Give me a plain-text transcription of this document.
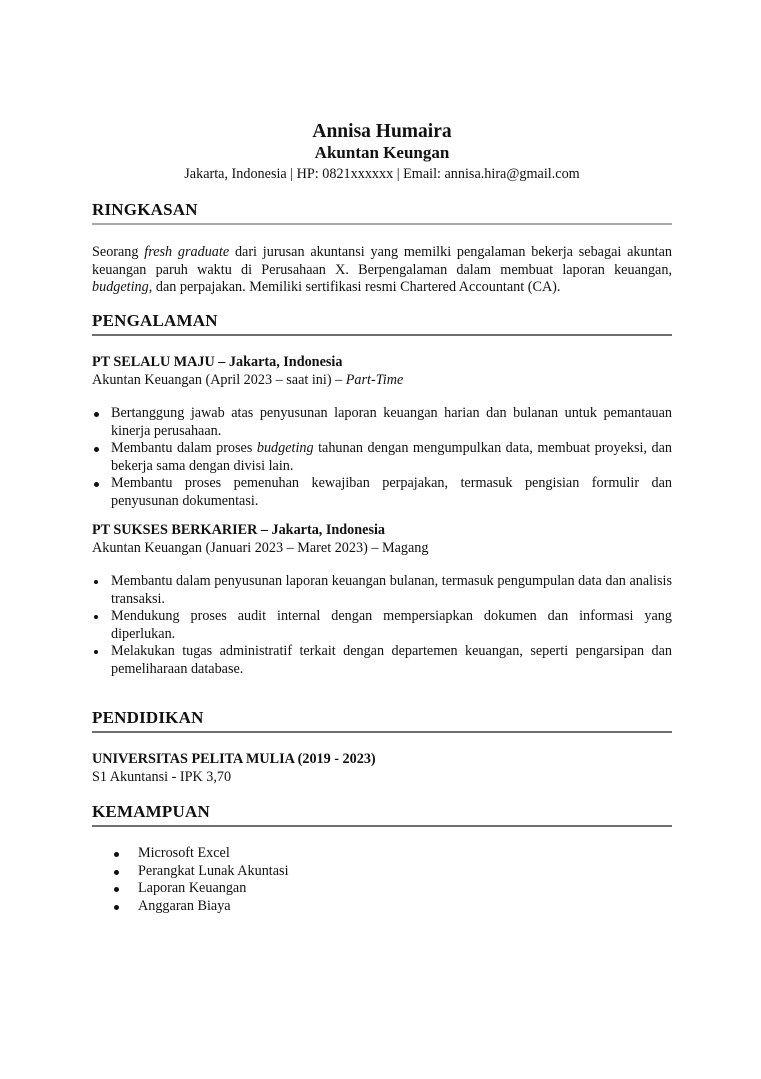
Annisa Humaira

Akuntan Keungan

Jakarta, Indonesia | HP: 0821xxxxxx | Email: annisa.hira@gmail.com

RINGKASAN

Seorang fresh graduate dari jurusan akuntansi yang memilki pengalaman bekerja sebagai akuntan keuangan paruh waktu di Perusahaan X. Berpengalaman dalam membuat laporan keuangan, budgeting, dan perpajakan. Memiliki sertifikasi resmi Chartered Accountant (CA).

PENGALAMAN

PT SELALU MAJU – Jakarta, Indonesia

Akuntan Keuangan (April 2023 – saat ini) – Part-Time

Bertanggung jawab atas penyusunan laporan keuangan harian dan bulanan untuk pemantauan kinerja perusahaan.
Membantu dalam proses budgeting tahunan dengan mengumpulkan data, membuat proyeksi, dan bekerja sama dengan divisi lain.
Membantu proses pemenuhan kewajiban perpajakan, termasuk pengisian formulir dan penyusunan dokumentasi.

PT SUKSES BERKARIER – Jakarta, Indonesia

Akuntan Keuangan (Januari 2023 – Maret 2023) – Magang

Membantu dalam penyusunan laporan keuangan bulanan, termasuk pengumpulan data dan analisis transaksi.
Mendukung proses audit internal dengan mempersiapkan dokumen dan informasi yang diperlukan.
Melakukan tugas administratif terkait dengan departemen keuangan, seperti pengarsipan dan pemeliharaan database.

PENDIDIKAN

UNIVERSITAS PELITA MULIA (2019 - 2023)

S1 Akuntansi - IPK 3,70

KEMAMPUAN

Microsoft Excel
Perangkat Lunak Akuntasi
Laporan Keuangan
Anggaran Biaya
